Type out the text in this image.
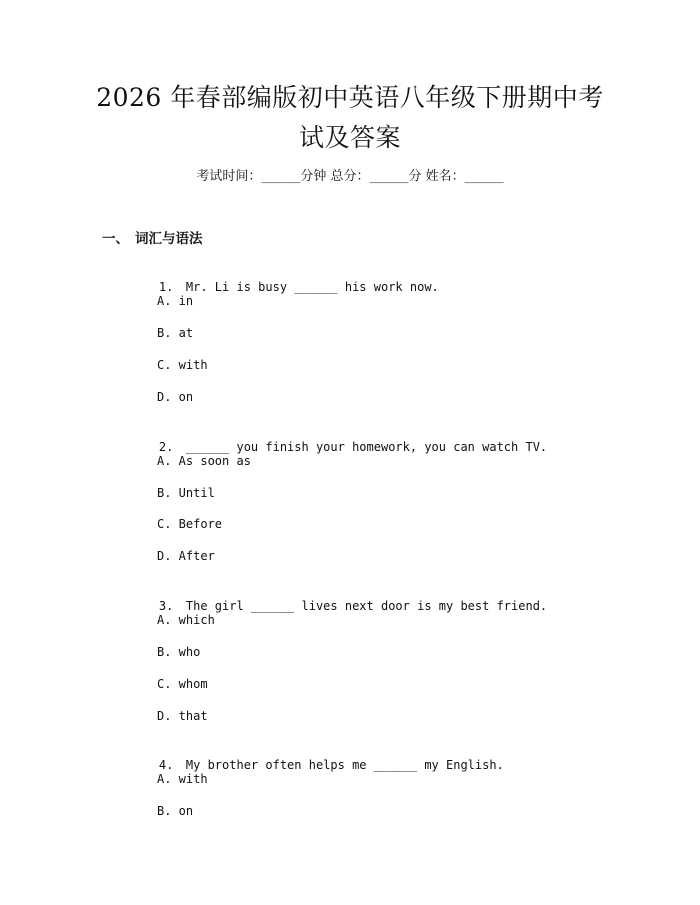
2026 年春部编版初中英语八年级下册期中考
试及答案
考试时间：______分钟 总分：______分 姓名：______
一、 词汇与语法

1. Mr. Li is busy ______ his work now.

A. in
B. at
C. with
D. on

2. ______ you finish your homework, you can watch TV.

A. As soon as
B. Until
C. Before
D. After

3. The girl ______ lives next door is my best friend.

A. which
B. who
C. whom
D. that

4. My brother often helps me ______ my English.

A. with
B. on
